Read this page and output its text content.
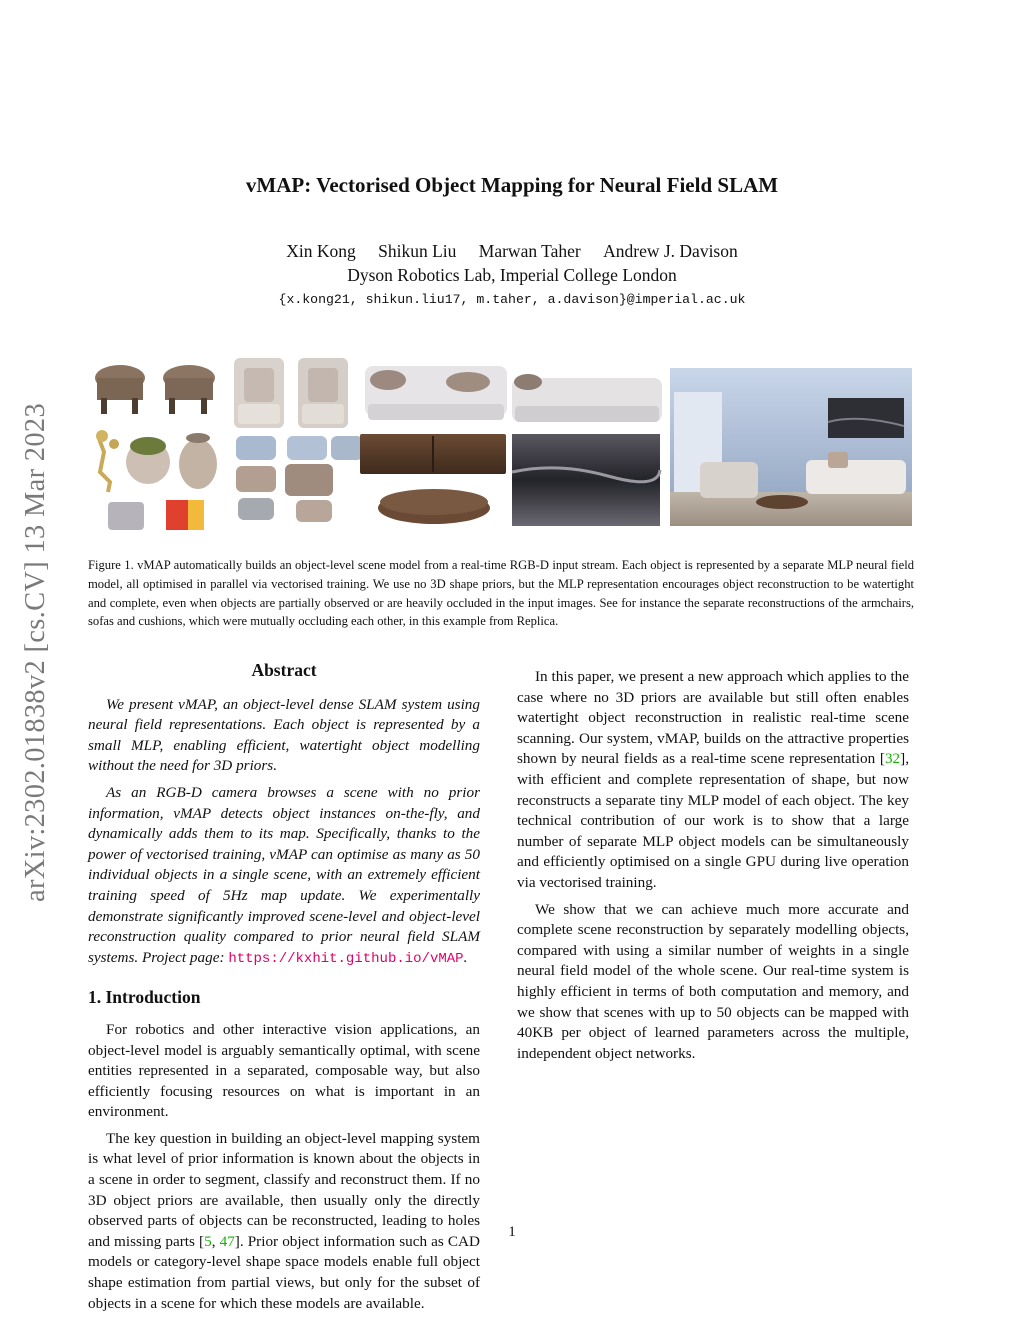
arXiv:2302.01838v2 [cs.CV] 13 Mar 2023
vMAP: Vectorised Object Mapping for Neural Field SLAM
Xin Kong Shikun Liu Marwan Taher Andrew J. Davison
Dyson Robotics Lab, Imperial College London
{x.kong21, shikun.liu17, m.taher, a.davison}@imperial.ac.uk
Figure 1. vMAP automatically builds an object-level scene model from a real-time RGB-D input stream. Each object is represented by a separate MLP neural field model, all optimised in parallel via vectorised training. We use no 3D shape priors, but the MLP representation encourages object reconstruction to be watertight and complete, even when objects are partially observed or are heavily occluded in the input images. See for instance the separate reconstructions of the armchairs, sofas and cushions, which were mutually occluding each other, in this example from Replica.
Abstract

We present vMAP, an object-level dense SLAM system using neural field representations. Each object is represented by a small MLP, enabling efficient, watertight object modelling without the need for 3D priors.

As an RGB-D camera browses a scene with no prior information, vMAP detects object instances on-the-fly, and dynamically adds them to its map. Specifically, thanks to the power of vectorised training, vMAP can optimise as many as 50 individual objects in a single scene, with an extremely efficient training speed of 5Hz map update. We experimentally demonstrate significantly improved scene-level and object-level reconstruction quality compared to prior neural field SLAM systems. Project page: https://kxhit.github.io/vMAP.

1. Introduction

For robotics and other interactive vision applications, an object-level model is arguably semantically optimal, with scene entities represented in a separated, composable way, but also efficiently focusing resources on what is important in an environment.

The key question in building an object-level mapping system is what level of prior information is known about the objects in a scene in order to segment, classify and reconstruct them. If no 3D object priors are available, then usually only the directly observed parts of objects can be reconstructed, leading to holes and missing parts [5, 47]. Prior object information such as CAD models or category-level shape space models enable full object shape estimation from partial views, but only for the subset of objects in a scene for which these models are available.

In this paper, we present a new approach which applies to the case where no 3D priors are available but still often enables watertight object reconstruction in realistic real-time scene scanning. Our system, vMAP, builds on the attractive properties shown by neural fields as a real-time scene representation [32], with efficient and complete representation of shape, but now reconstructs a separate tiny MLP model of each object. The key technical contribution of our work is to show that a large number of separate MLP object models can be simultaneously and efficiently optimised on a single GPU during live operation via vectorised training.

We show that we can achieve much more accurate and complete scene reconstruction by separately modelling objects, compared with using a similar number of weights in a single neural field model of the whole scene. Our real-time system is highly efficient in terms of both computation and memory, and we show that scenes with up to 50 objects can be mapped with 40KB per object of learned parameters across the multiple, independent object networks.

1
